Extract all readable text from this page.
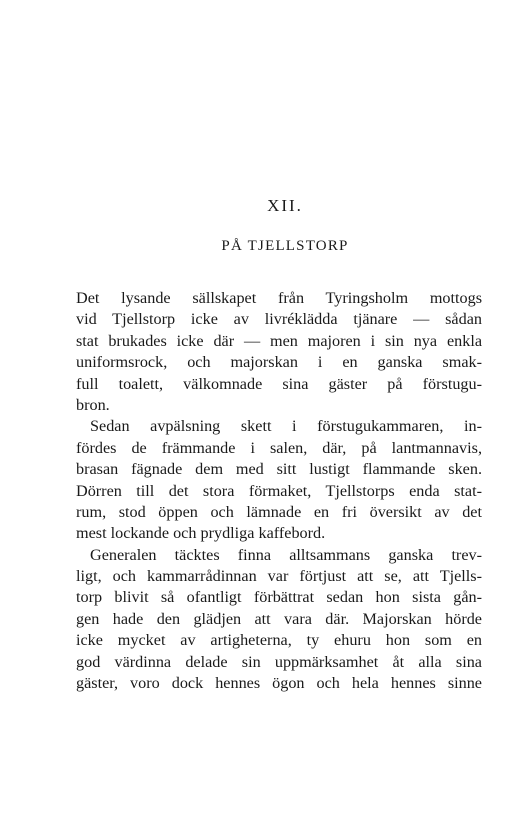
XII.
PÅ TJELLSTORP
Det lysande sällskapet från Tyringsholm mottogs
vid Tjellstorp icke av livréklädda tjänare — sådan
stat brukades icke där — men majoren i sin nya enkla
uniformsrock, och majorskan i en ganska smak-
full toalett, välkomnade sina gäster på förstugu-
bron.
Sedan avpälsning skett i förstugukammaren, in-
fördes de främmande i salen, där, på lantmannavis,
brasan fägnade dem med sitt lustigt flammande sken.
Dörren till det stora förmaket, Tjellstorps enda stat-
rum, stod öppen och lämnade en fri översikt av det
mest lockande och prydliga kaffebord.
Generalen täcktes finna alltsammans ganska trev-
ligt, och kammarrådinnan var förtjust att se, att Tjells-
torp blivit så ofantligt förbättrat sedan hon sista gån-
gen hade den glädjen att vara där. Majorskan hörde
icke mycket av artigheterna, ty ehuru hon som en
god värdinna delade sin uppmärksamhet åt alla sina
gäster, voro dock hennes ögon och hela hennes sinne
